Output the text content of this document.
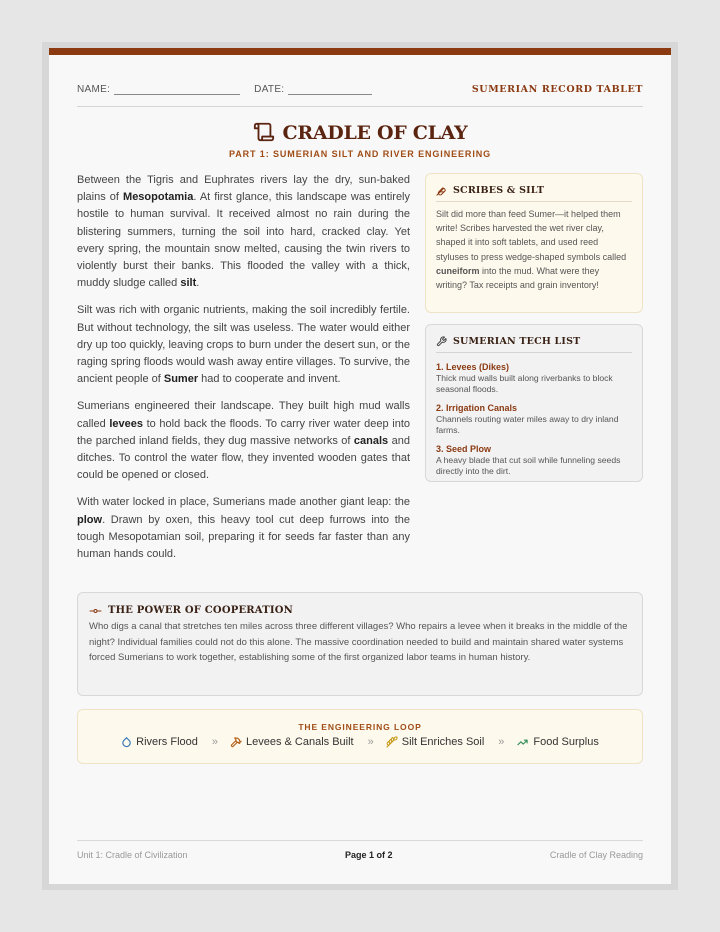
NAME:	DATE:	SUMERIAN RECORD TABLET
CRADLE OF CLAY
PART 1: SUMERIAN SILT AND RIVER ENGINEERING

Between the Tigris and Euphrates rivers lay the dry, sun-baked plains of Mesopotamia. At first glance, this landscape was entirely hostile to human survival. It received almost no rain during the blistering summers, turning the soil into hard, cracked clay. Yet every spring, the mountain snow melted, causing the twin rivers to violently burst their banks. This flooded the valley with a thick, muddy sludge called silt.

Silt was rich with organic nutrients, making the soil incredibly fertile. But without technology, the silt was useless. The water would either dry up too quickly, leaving crops to burn under the desert sun, or the raging spring floods would wash away entire villages. To survive, the ancient people of Sumer had to cooperate and invent.

Sumerians engineered their landscape. They built high mud walls called levees to hold back the floods. To carry river water deep into the parched inland fields, they dug massive networks of canals and ditches. To control the water flow, they invented wooden gates that could be opened or closed.

With water locked in place, Sumerians made another giant leap: the plow. Drawn by oxen, this heavy tool cut deep furrows into the tough Mesopotamian soil, preparing it for seeds far faster than any human hands could.

SCRIBES & SILT

Silt did more than feed Sumer—it helped them write! Scribes harvested the wet river clay, shaped it into soft tablets, and used reed styluses to press wedge-shaped symbols called cuneiform into the mud. What were they writing? Tax receipts and grain inventory!

SUMERIAN TECH LIST
1. Levees (Dikes)
Thick mud walls built along riverbanks to block seasonal floods.
2. Irrigation Canals
Channels routing water miles away to dry inland farms.
3. Seed Plow
A heavy blade that cut soil while funneling seeds directly into the dirt.
THE POWER OF COOPERATION

Who digs a canal that stretches ten miles across three different villages? Who repairs a levee when it breaks in the middle of the night? Individual families could not do this alone. The massive coordination needed to build and maintain shared water systems forced Sumerians to work together, establishing some of the first organized labor teams in human history.

THE ENGINEERING LOOP
Rivers Flood »	Levees & Canals Built »	Silt Enriches Soil »	Food Surplus
Unit 1: Cradle of Civilization	Page 1 of 2	Cradle of Clay Reading
